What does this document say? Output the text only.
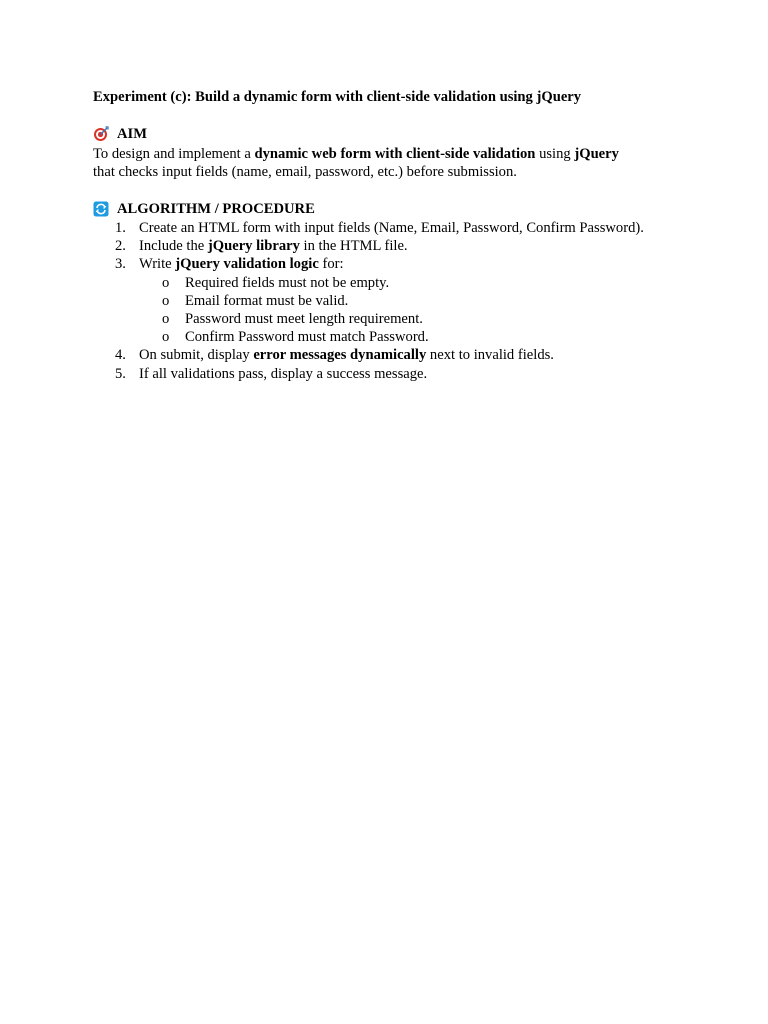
Experiment (c): Build a dynamic form with client-side validation using jQuery
AIM
To design and implement a dynamic web form with client-side validation using jQuery
that checks input fields (name, email, password, etc.) before submission.
ALGORITHM / PROCEDURE
1. Create an HTML form with input fields (Name, Email, Password, Confirm Password).
2. Include the jQuery library in the HTML file.
3. Write jQuery validation logic for:
o	Required fields must not be empty.
o	Email format must be valid.
o	Password must meet length requirement.
o	Confirm Password must match Password.
4. On submit, display error messages dynamically next to invalid fields.
5. If all validations pass, display a success message.
